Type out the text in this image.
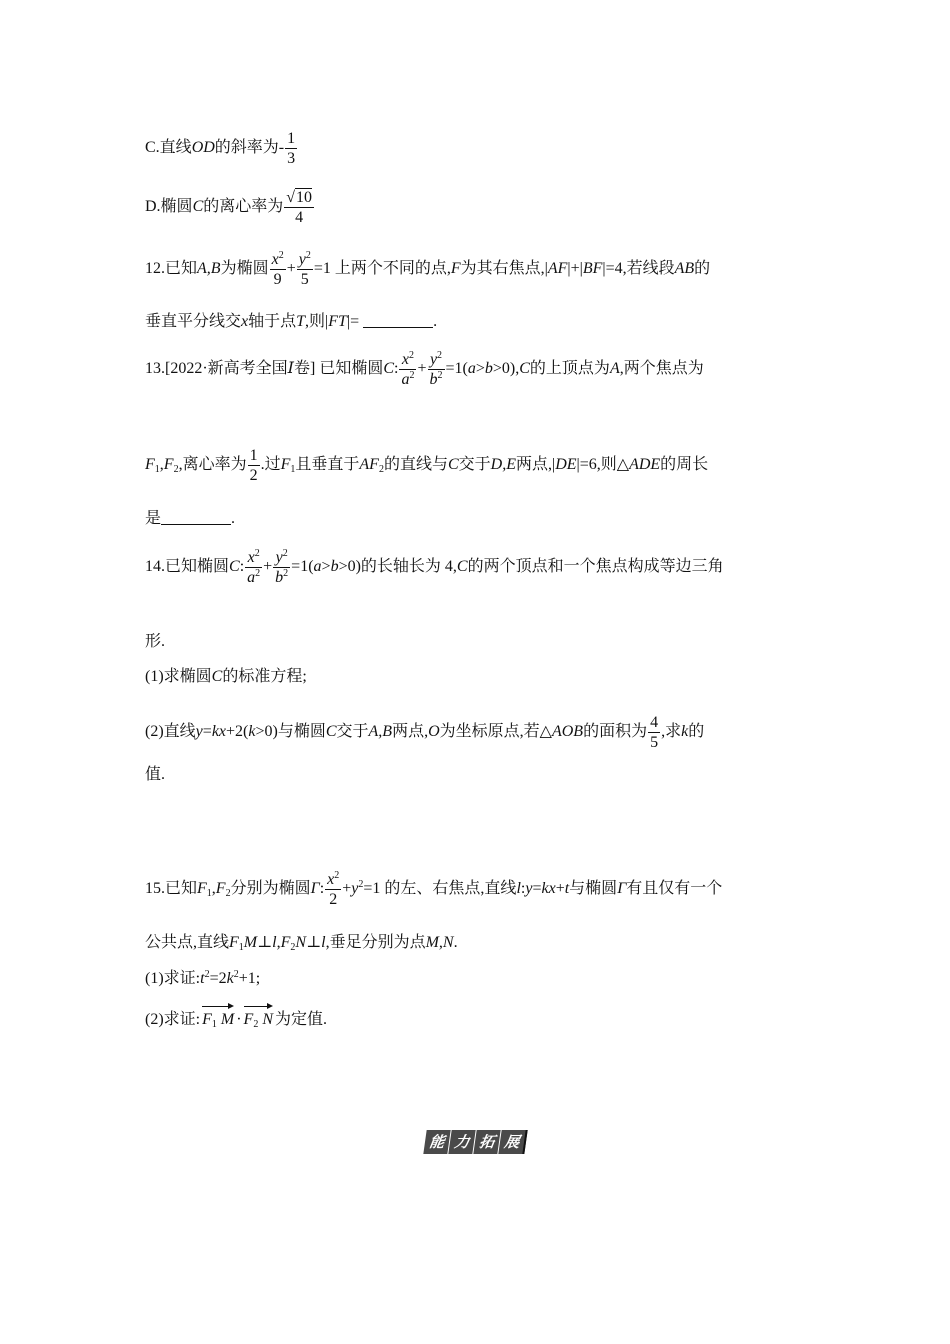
C.直线OD的斜率为- $\frac{1}{3}$
D.椭圆C的离心率为 $\frac{√10}{4}$
12.已知A,B为椭圆 $\frac{x^2}{9} + \frac{y^2}{5} =1$ 上两个不同的点,F为其右焦点,|AF|+|BF|=4,若线段AB的
垂直平分线交x轴于点T,则|FT|=	.
13.[2022·新高考全国Ⅰ卷] 已知椭圆C: $\frac{x^2}{a^2} + \frac{y^2}{b^2} =1(a>b>0),C$的上顶点为A,两个焦点为
$F_1,F_2$,离心率为 $\frac{1}{2}$ .过$F_1$且垂直于$AF_2$的直线与C交于D,E两点,|DE|=6,则△ADE的周长
是	.
14.已知椭圆C: $\frac{x^2}{a^2} + \frac{y^2}{b^2} =1(a>b>0)$的长轴长为 4,C的两个顶点和一个焦点构成等边三角
形.
(1)求椭圆C的标准方程;
(2)直线y=kx+2(k>0)与椭圆C交于A,B两点,O为坐标原点,若△AOB的面积为 $\frac{4}{5}$ ,求k的
值.
15.已知$F_1,F_2$分别为椭圆Γ: $\frac{x^2}{2} +y^2=1$ 的左、右焦点,直线l:y=kx+t与椭圆Γ有且仅有一个
公共点,直线$F_1M\perp l,F_2N\perp l$,垂足分别为点M,N.
(1)求证$:t^2=2k^2+1$;
(2)求证: $F_1$ $M \cdot F_2$ N 为定值.
能 力 拓 展
